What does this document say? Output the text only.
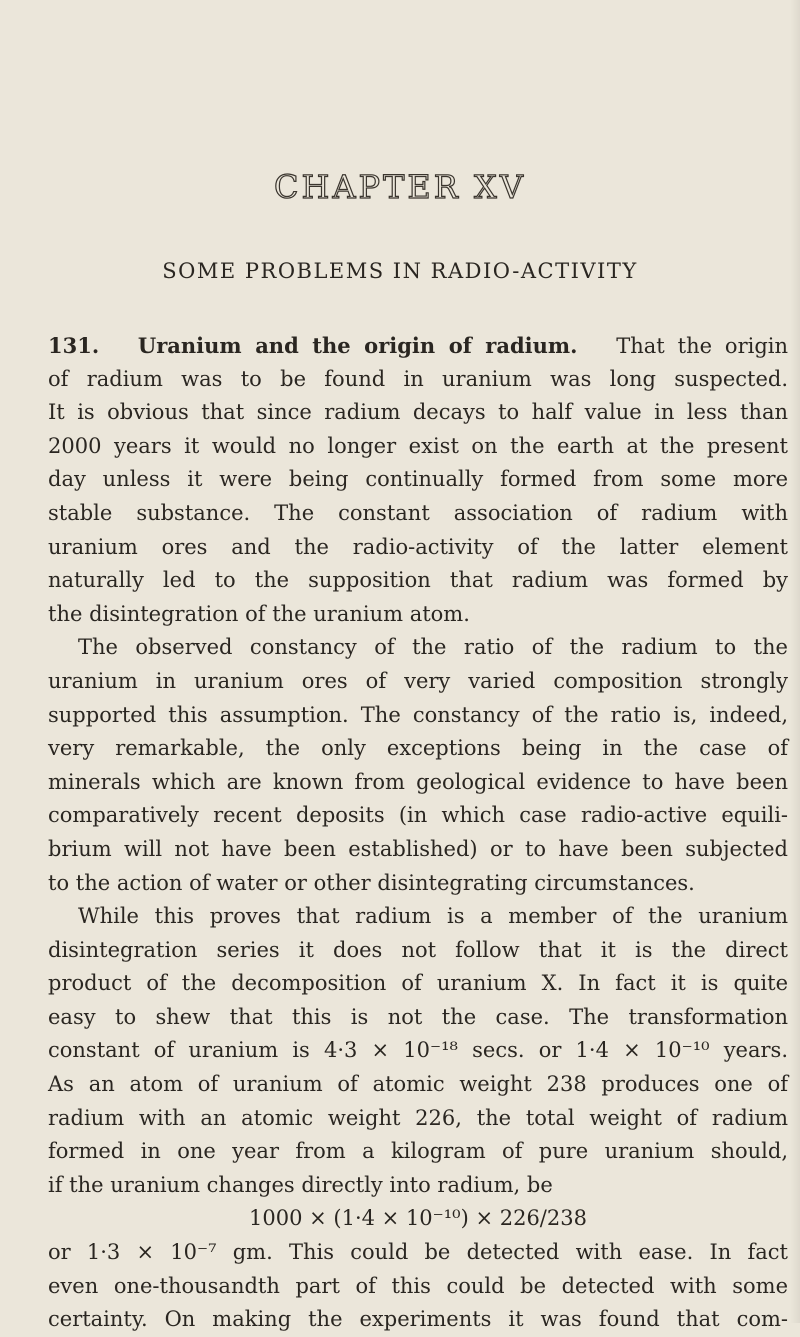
CHAPTER XV
SOME PROBLEMS IN RADIO-ACTIVITY
131. Uranium and the origin of radium. That the origin
of radium was to be found in uranium was long suspected.
It is obvious that since radium decays to half value in less than
2000 years it would no longer exist on the earth at the present
day unless it were being continually formed from some more
stable substance. The constant association of radium with
uranium ores and the radio-activity of the latter element
naturally led to the supposition that radium was formed by
the disintegration of the uranium atom.
The observed constancy of the ratio of the radium to the
uranium in uranium ores of very varied composition strongly
supported this assumption. The constancy of the ratio is, indeed,
very remarkable, the only exceptions being in the case of
minerals which are known from geological evidence to have been
comparatively recent deposits (in which case radio-active equili-
brium will not have been established) or to have been subjected
to the action of water or other disintegrating circumstances.
While this proves that radium is a member of the uranium
disintegration series it does not follow that it is the direct
product of the decomposition of uranium X. In fact it is quite
easy to shew that this is not the case. The transformation
constant of uranium is 4·3 × 10⁻¹⁸ secs. or 1·4 × 10⁻¹⁰ years.
As an atom of uranium of atomic weight 238 produces one of
radium with an atomic weight 226, the total weight of radium
formed in one year from a kilogram of pure uranium should,
if the uranium changes directly into radium, be
1000 × (1·4 × 10⁻¹⁰) × 226/238
or 1·3 × 10⁻⁷ gm. This could be detected with ease. In fact
even one-thousandth part of this could be detected with some
certainty. On making the experiments it was found that com-
